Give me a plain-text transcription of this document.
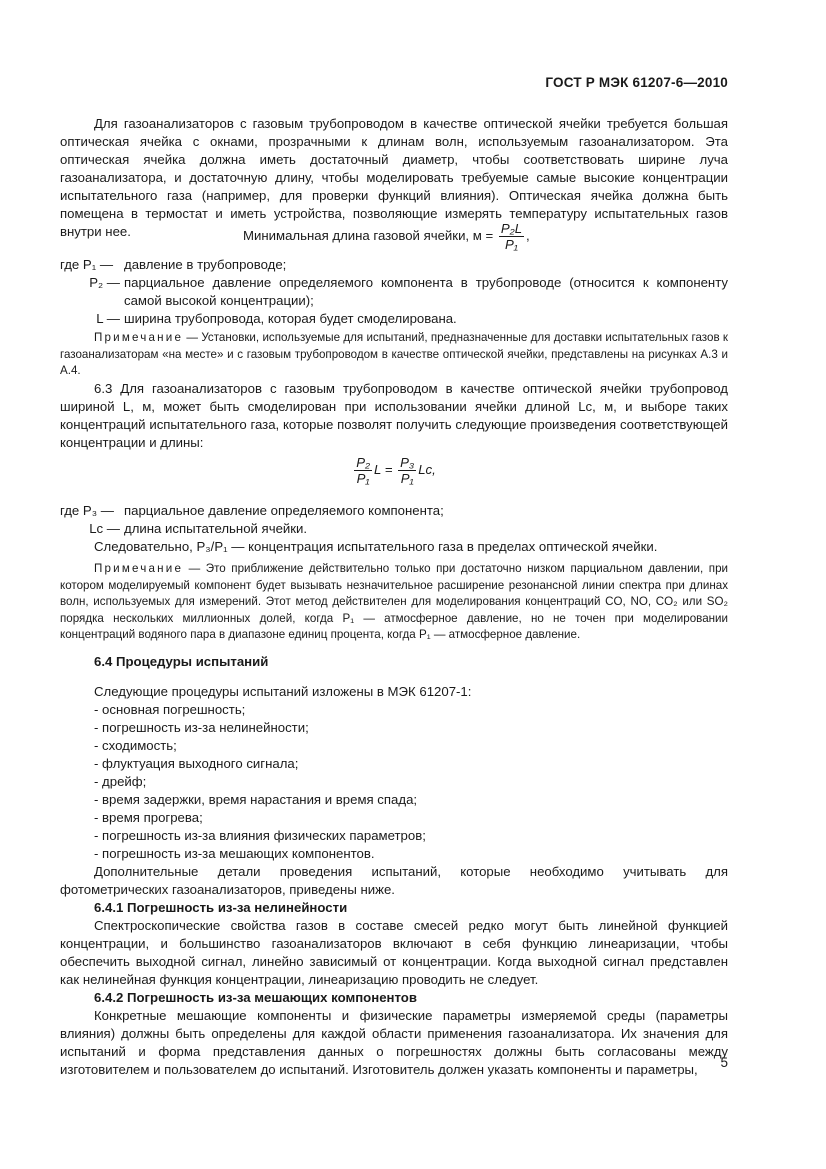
ГОСТ Р МЭК 61207-6—2010

Для газоанализаторов с газовым трубопроводом в качестве оптической ячейки требуется большая оптическая ячейка с окнами, прозрачными к длинам волн, используемым газоанализатором. Эта оптическая ячейка должна иметь достаточный диаметр, чтобы соответствовать ширине луча газоанализатора, и достаточную длину, чтобы моделировать требуемые самые высокие концентрации испытательного газа (например, для проверки функций влияния). Оптическая ячейка должна быть помещена в термостат и иметь устройства, позволяющие измерять температуру испытательных газов внутри нее.	Минимальная длина газовой ячейки, $м = \frac{\text{P₂L}}{\text{P₁}}$ ,
где P₁ — давление в трубопроводе;
P₂ — парциальное давление определяемого компонента в трубопроводе (относится к компоненту самой высокой концентрации);
L — ширина трубопровода, которая будет смоделирована.

Примечание — Установки, используемые для испытаний, предназначенные для доставки испытательных газов к газоанализаторам «на месте» и с газовым трубопроводом в качестве оптической ячейки, представлены на рисунках А.3 и А.4.

6.3 Для газоанализаторов с газовым трубопроводом в качестве оптической ячейки трубопровод шириной L, м, может быть смоделирован при использовании ячейки длиной Lc, м, и выборе таких концентраций испытательного газа, которые позволят получить следующие произведения соответствующей концентрации и длины:

$\frac{\text{P₂}}{\text{P₁}}$ $L = \frac{\text{P₃}}{\text{P₁}} Lc$,
где P₃ — парциальное давление определяемого компонента;
Lc — длина испытательной ячейки.

Следовательно, P₃/P₁ — концентрация испытательного газа в пределах оптической ячейки.

Примечание — Это приближение действительно только при достаточно низком парциальном давлении, при котором моделируемый компонент будет вызывать незначительное расширение резонансной линии спектра при длинах волн, используемых для измерений. Этот метод действителен для моделирования концентраций CO, NO, CO₂ или SO₂ порядка нескольких миллионных долей, когда P₁ — атмосферное давление, но не точен при моделировании концентраций водяного пара в диапазоне единиц процента, когда P₁ — атмосферное давление.

6.4 Процедуры испытаний

Следующие процедуры испытаний изложены в МЭК 61207-1:

- основная погрешность;
- погрешность из-за нелинейности;
- сходимость;
- флуктуация выходного сигнала;
- дрейф;
- время задержки, время нарастания и время спада;
- время прогрева;
- погрешность из-за влияния физических параметров;
- погрешность из-за мешающих компонентов.

Дополнительные детали проведения испытаний, которые необходимо учитывать для фотометрических газоанализаторов, приведены ниже.

6.4.1 Погрешность из-за нелинейности

Спектроскопические свойства газов в составе смесей редко могут быть линейной функцией концентрации, и большинство газоанализаторов включают в себя функцию линеаризации, чтобы обеспечить выходной сигнал, линейно зависимый от концентрации. Когда выходной сигнал представлен как нелинейная функция концентрации, линеаризацию проводить не следует.

6.4.2 Погрешность из-за мешающих компонентов

Конкретные мешающие компоненты и физические параметры измеряемой среды (параметры влияния) должны быть определены для каждой области применения газоанализатора. Их значения для испытаний и форма представления данных о погрешностях должны быть согласованы между изготовителем и пользователем до испытаний. Изготовитель должен указать компоненты и параметры,	5
